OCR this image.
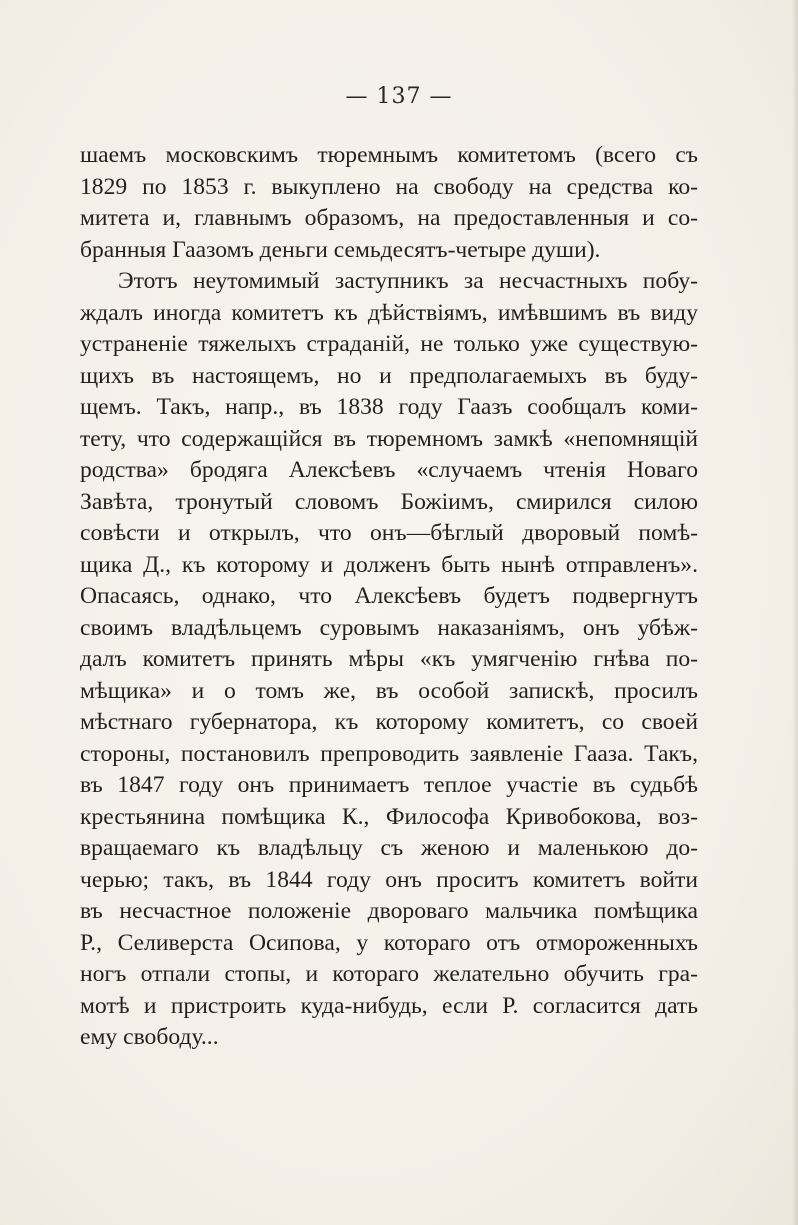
— 137 —

шаемъ московскимъ тюремнымъ комитетомъ (всего съ
1829 по 1853 г. выкуплено на свободу на средства ко-
митета и, главнымъ образомъ, на предоставленныя и со-
бранныя Гаазомъ деньги семьдесятъ-четыре души).

Этотъ неутомимый заступникъ за несчастныхъ побу-
ждалъ иногда комитетъ къ дѣйствіямъ, имѣвшимъ въ виду
устраненіе тяжелыхъ страданій, не только уже существую-
щихъ въ настоящемъ, но и предполагаемыхъ въ буду-
щемъ. Такъ, напр., въ 1838 году Гаазъ сообщалъ коми-
тету, что содержащійся въ тюремномъ замкѣ «непомнящій
родства» бродяга Алексѣевъ «случаемъ чтенія Новаго
Завѣта, тронутый словомъ Божіимъ, смирился силою
совѣсти и открылъ, что онъ—бѣглый дворовый помѣ-
щика Д., къ которому и долженъ быть нынѣ отправленъ».
Опасаясь, однако, что Алексѣевъ будетъ подвергнутъ
своимъ владѣльцемъ суровымъ наказаніямъ, онъ убѣж-
далъ комитетъ принять мѣры «къ умягченію гнѣва по-
мѣщика» и о томъ же, въ особой запискѣ, просилъ
мѣстнаго губернатора, къ которому комитетъ, со своей
стороны, постановилъ препроводить заявленіе Гааза. Такъ,
въ 1847 году онъ принимаетъ теплое участіе въ судьбѣ
крестьянина помѣщика К., Философа Кривобокова, воз-
вращаемаго къ владѣльцу съ женою и маленькою до-
черью; такъ, въ 1844 году онъ проситъ комитетъ войти
въ несчастное положеніе дворовaго мальчика помѣщика
Р., Селиверста Осипова, у котораго отъ отмороженныхъ
ногъ отпали стопы, и котораго желательно обучить гра-
мотѣ и пристроить куда-нибудь, если Р. согласится дать
ему свободу...
